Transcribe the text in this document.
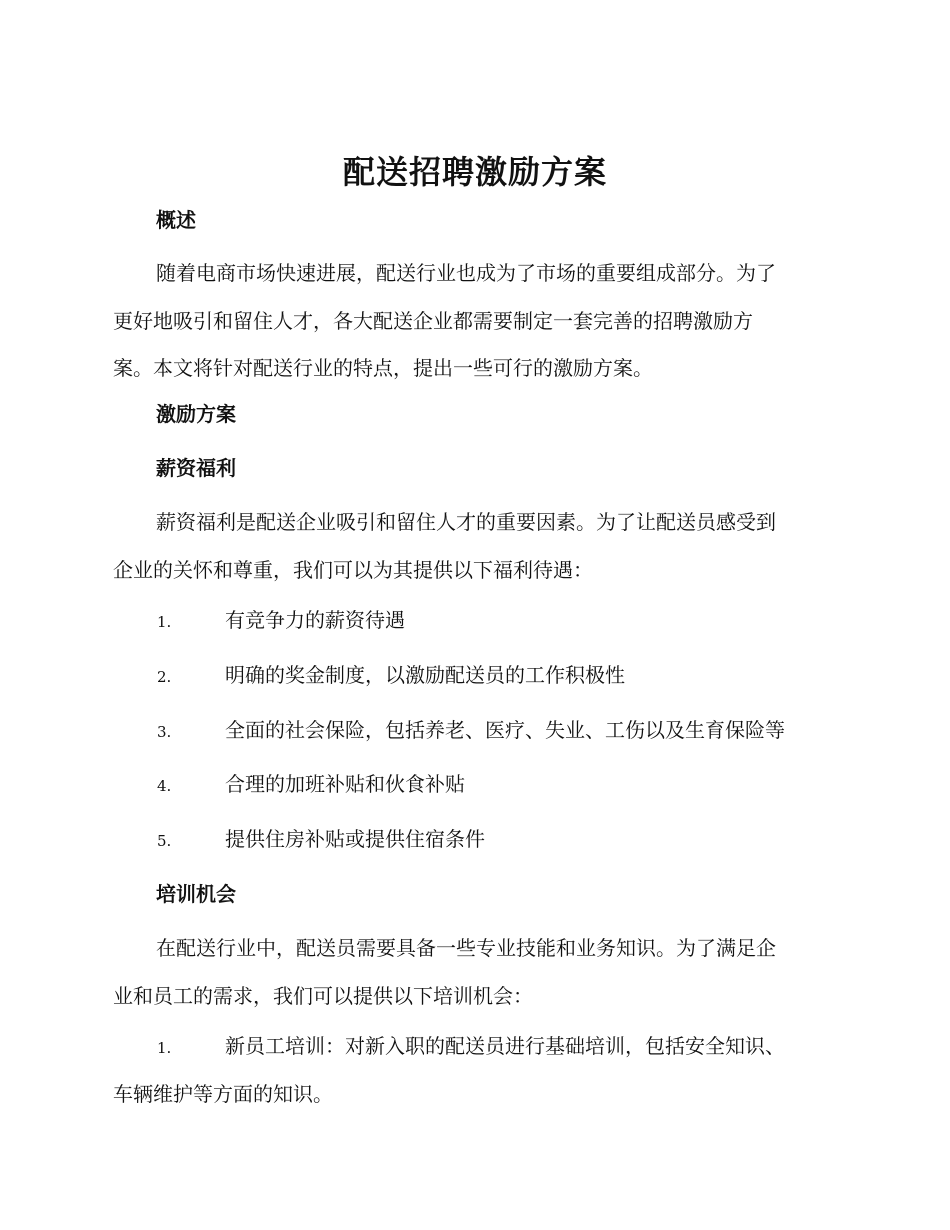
配送招聘激励方案
概述
随着电商市场快速进展，配送行业也成为了市场的重要组成部分。为了
更好地吸引和留住人才，各大配送企业都需要制定一套完善的招聘激励方
案。本文将针对配送行业的特点，提出一些可行的激励方案。
激励方案
薪资福利
薪资福利是配送企业吸引和留住人才的重要因素。为了让配送员感受到
企业的关怀和尊重，我们可以为其提供以下福利待遇：
1.	有竞争力的薪资待遇
2.	明确的奖金制度，以激励配送员的工作积极性
3.	全面的社会保险，包括养老、医疗、失业、工伤以及生育保险等
4.	合理的加班补贴和伙食补贴
5.	提供住房补贴或提供住宿条件
培训机会
在配送行业中，配送员需要具备一些专业技能和业务知识。为了满足企
业和员工的需求，我们可以提供以下培训机会：
1.	新员工培训：对新入职的配送员进行基础培训，包括安全知识、
车辆维护等方面的知识。
